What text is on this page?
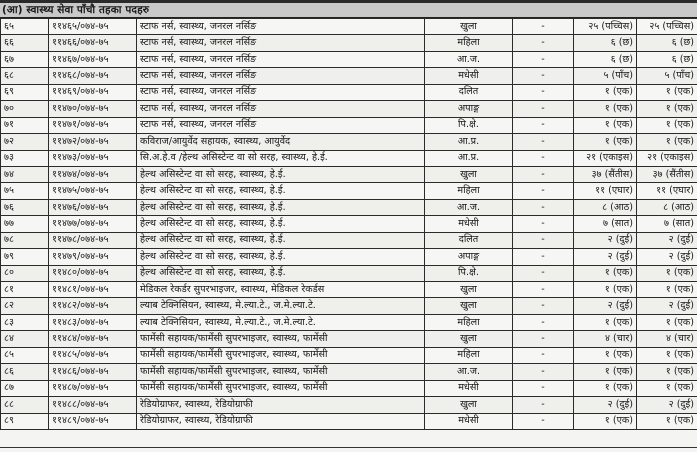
(आ) स्वास्थ्य सेवा पाँचौ तहका पदहरु
६५	११४६५/०७४-७५	स्टाफ नर्स, स्वास्थ्य, जनरल नर्सिङ	खुला	-	२५ (पच्चिस)	२५ (पच्चिस)
६६	११४६६/०७४-७५	स्टाफ नर्स, स्वास्थ्य, जनरल नर्सिङ	महिला	-	६ (छ)	६ (छ)
६७	११४६७/०७४-७५	स्टाफ नर्स, स्वास्थ्य, जनरल नर्सिङ	आ.ज.	-	६ (छ)	६ (छ)
६८	११४६८/०७४-७५	स्टाफ नर्स, स्वास्थ्य, जनरल नर्सिङ	मधेसी	-	५ (पाँच)	५ (पाँच)
६९	११४६९/०७४-७५	स्टाफ नर्स, स्वास्थ्य, जनरल नर्सिङ	दलित	-	१ (एक)	१ (एक)
७०	११४७०/०७४-७५	स्टाफ नर्स, स्वास्थ्य, जनरल नर्सिङ	अपाङ्ग	-	१ (एक)	१ (एक)
७१	११४७१/०७४-७५	स्टाफ नर्स, स्वास्थ्य, जनरल नर्सिङ	पि.क्षे.	-	१ (एक)	१ (एक)
७२	११४७२/०७४-७५	कविराज/आयुर्वेद सहायक, स्वास्थ्य, आयुर्वेद	आ.प्र.	-	१ (एक)	१ (एक)
७३	११४७३/०७४-७५	सि.अ.हे.व /हेल्थ असिस्टेन्ट वा सो सरह, स्वास्थ्य, हे.ई.	आ.प्र.	-	२१ (एकाइस)	२१ (एकाइस)
७४	११४७४/०७४-७५	हेल्थ असिस्टेन्ट वा सो सरह, स्वास्थ्य, हे.ई.	खुला	-	३७ (सैंतीस)	३७ (सैंतीस)
७५	११४७५/०७४-७५	हेल्थ असिस्टेन्ट वा सो सरह, स्वास्थ्य, हे.ई.	महिला	-	११ (एघार)	११ (एघार)
७६	११४७६/०७४-७५	हेल्थ असिस्टेन्ट वा सो सरह, स्वास्थ्य, हे.ई.	आ.ज.	-	८ (आठ)	८ (आठ)
७७	११४७७/०७४-७५	हेल्थ असिस्टेन्ट वा सो सरह, स्वास्थ्य, हे.ई.	मधेसी	-	७ (सात)	७ (सात)
७८	११४७८/०७४-७५	हेल्थ असिस्टेन्ट वा सो सरह, स्वास्थ्य, हे.ई.	दलित	-	२ (दुई)	२ (दुई)
७९	११४७९/०७४-७५	हेल्थ असिस्टेन्ट वा सो सरह, स्वास्थ्य, हे.ई.	अपाङ्ग	-	२ (दुई)	२ (दुई)
८०	११४८०/०७४-७५	हेल्थ असिस्टेन्ट वा सो सरह, स्वास्थ्य, हे.ई.	पि.क्षे.	-	१ (एक)	१ (एक)
८१	११४८१/०७४-७५	मेडिकल रेकर्डर सुपरभाइजर, स्वास्थ्य, मेडिकल रेकर्डस	खुला	-	१ (एक)	१ (एक)
८२	११४८२/०७४-७५	ल्याब टेक्निसियन, स्वास्थ्य, मे.ल्या.टे., ज.मे.ल्या.टे.	खुला	-	२ (दुई)	२ (दुई)
८३	११४८३/०७४-७५	ल्याब टेक्निसियन, स्वास्थ्य, मे.ल्या.टे., ज.मे.ल्या.टे.	महिला	-	१ (एक)	१ (एक)
८४	११४८४/०७४-७५	फार्मेसी सहायक/फार्मेसी सुपरभाइजर, स्वास्थ्य, फार्मेसी	खुला	-	४ (चार)	४ (चार)
८५	११४८५/०७४-७५	फार्मेसी सहायक/फार्मेसी सुपरभाइजर, स्वास्थ्य, फार्मेसी	महिला	-	१ (एक)	१ (एक)
८६	११४८६/०७४-७५	फार्मेसी सहायक/फार्मेसी सुपरभाइजर, स्वास्थ्य, फार्मेसी	आ.ज.	-	१ (एक)	१ (एक)
८७	११४८७/०७४-७५	फार्मेसी सहायक/फार्मेसी सुपरभाइजर, स्वास्थ्य, फार्मेसी	मधेसी	-	१ (एक)	१ (एक)
८८	११४८८/०७४-७५	रेडियोग्राफर, स्वास्थ्य, रेडियोग्राफी	खुला	-	२ (दुई)	२ (दुई)
८९	११४८९/०७४-७५	रेडियोग्राफर, स्वास्थ्य, रेडियोग्राफी	मधेसी	-	१ (एक)	१ (एक)
